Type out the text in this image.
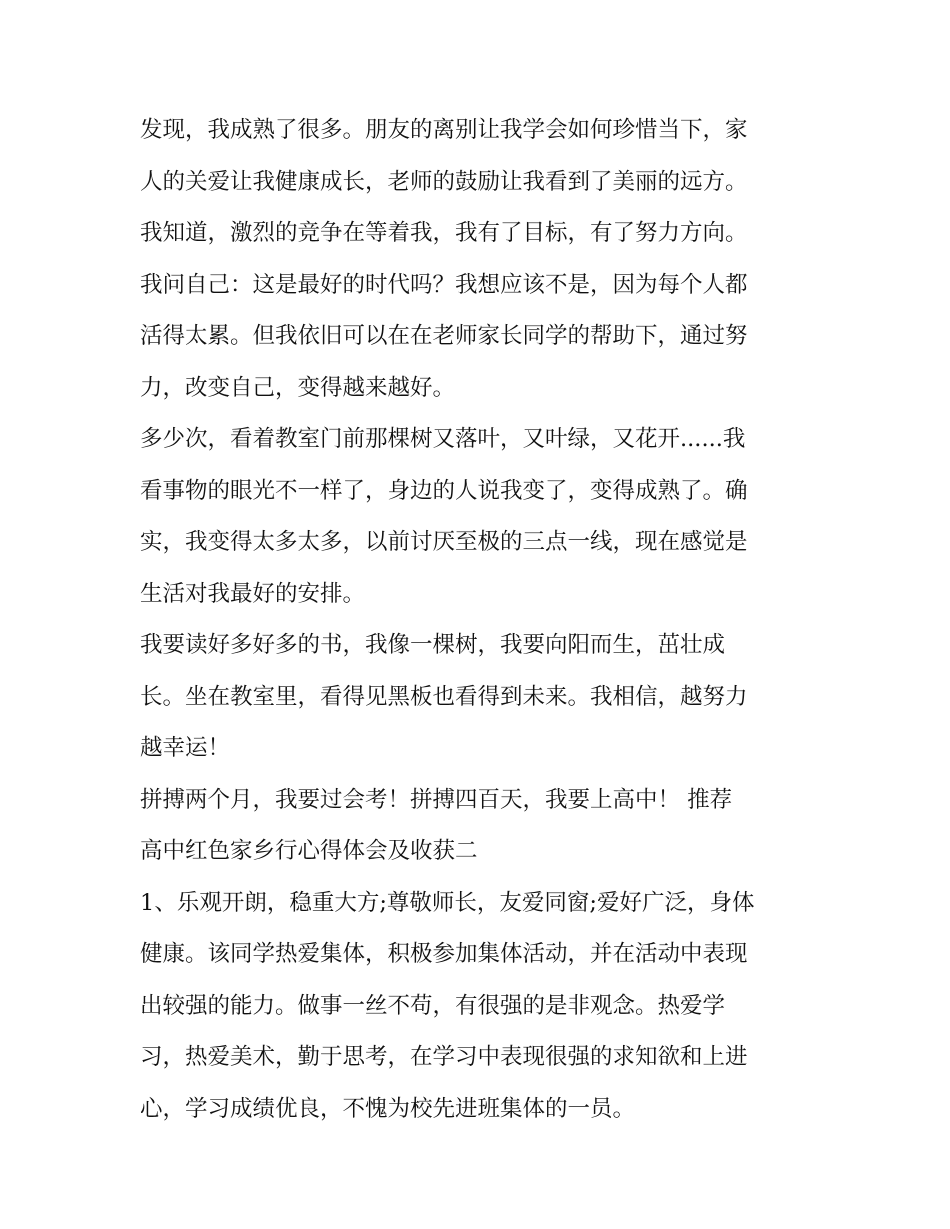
发现，我成熟了很多。朋友的离别让我学会如何珍惜当下，家
人的关爱让我健康成长，老师的鼓励让我看到了美丽的远方。
我知道，激烈的竞争在等着我，我有了目标，有了努力方向。
我问自己：这是最好的时代吗？我想应该不是，因为每个人都
活得太累。但我依旧可以在在老师家长同学的帮助下，通过努
力，改变自己，变得越来越好。
多少次，看着教室门前那棵树又落叶，又叶绿，又花开......我
看事物的眼光不一样了，身边的人说我变了，变得成熟了。确
实，我变得太多太多，以前讨厌至极的三点一线，现在感觉是
生活对我最好的安排。
我要读好多好多的书，我像一棵树，我要向阳而生，茁壮成
长。坐在教室里，看得见黑板也看得到未来。我相信，越努力
越幸运！
拼搏两个月，我要过会考！拼搏四百天，我要上高中！ 推荐
高中红色家乡行心得体会及收获二
1、乐观开朗，稳重大方;尊敬师长，友爱同窗;爱好广泛，身体
健康。该同学热爱集体，积极参加集体活动，并在活动中表现
出较强的能力。做事一丝不苟，有很强的是非观念。热爱学
习，热爱美术，勤于思考，在学习中表现很强的求知欲和上进
心，学习成绩优良，不愧为校先进班集体的一员。
